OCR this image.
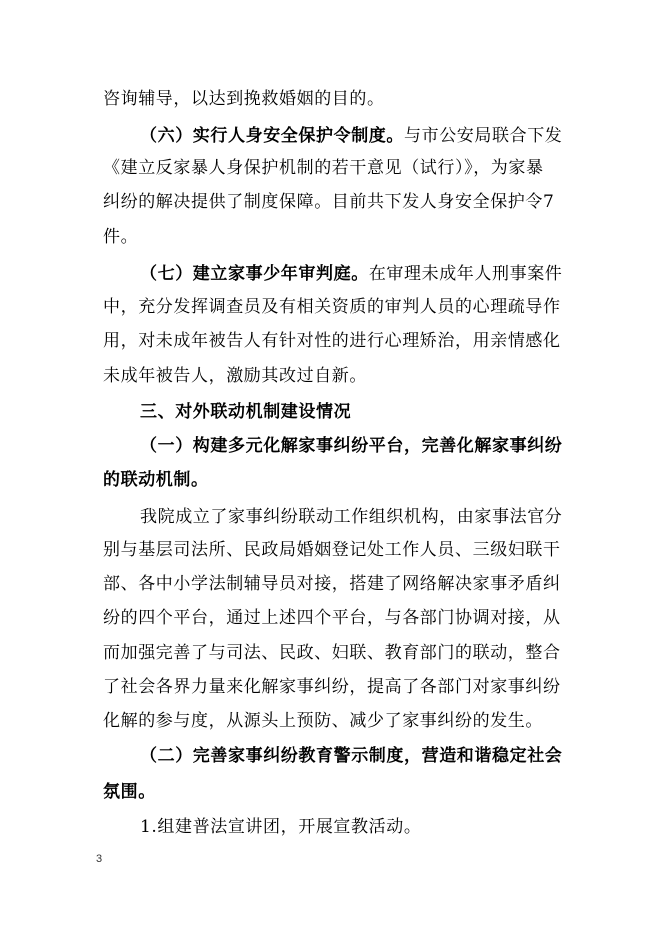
咨询辅导，以达到挽救婚姻的目的。
（六）实行人身安全保护令制度。与市公安局联合下发
《建立反家暴人身保护机制的若干意见（试行）》，为家暴
纠纷的解决提供了制度保障。目前共下发人身安全保护令7
件。
（七）建立家事少年审判庭。在审理未成年人刑事案件
中，充分发挥调查员及有相关资质的审判人员的心理疏导作
用，对未成年被告人有针对性的进行心理矫治，用亲情感化
未成年被告人，激励其改过自新。
三、对外联动机制建设情况
（一）构建多元化解家事纠纷平台，完善化解家事纠纷
的联动机制。
我院成立了家事纠纷联动工作组织机构，由家事法官分
别与基层司法所、民政局婚姻登记处工作人员、三级妇联干
部、各中小学法制辅导员对接，搭建了网络解决家事矛盾纠
纷的四个平台，通过上述四个平台，与各部门协调对接，从
而加强完善了与司法、民政、妇联、教育部门的联动，整合
了社会各界力量来化解家事纠纷，提高了各部门对家事纠纷
化解的参与度，从源头上预防、减少了家事纠纷的发生。
（二）完善家事纠纷教育警示制度，营造和谐稳定社会
氛围。
1.组建普法宣讲团，开展宣教活动。
3
